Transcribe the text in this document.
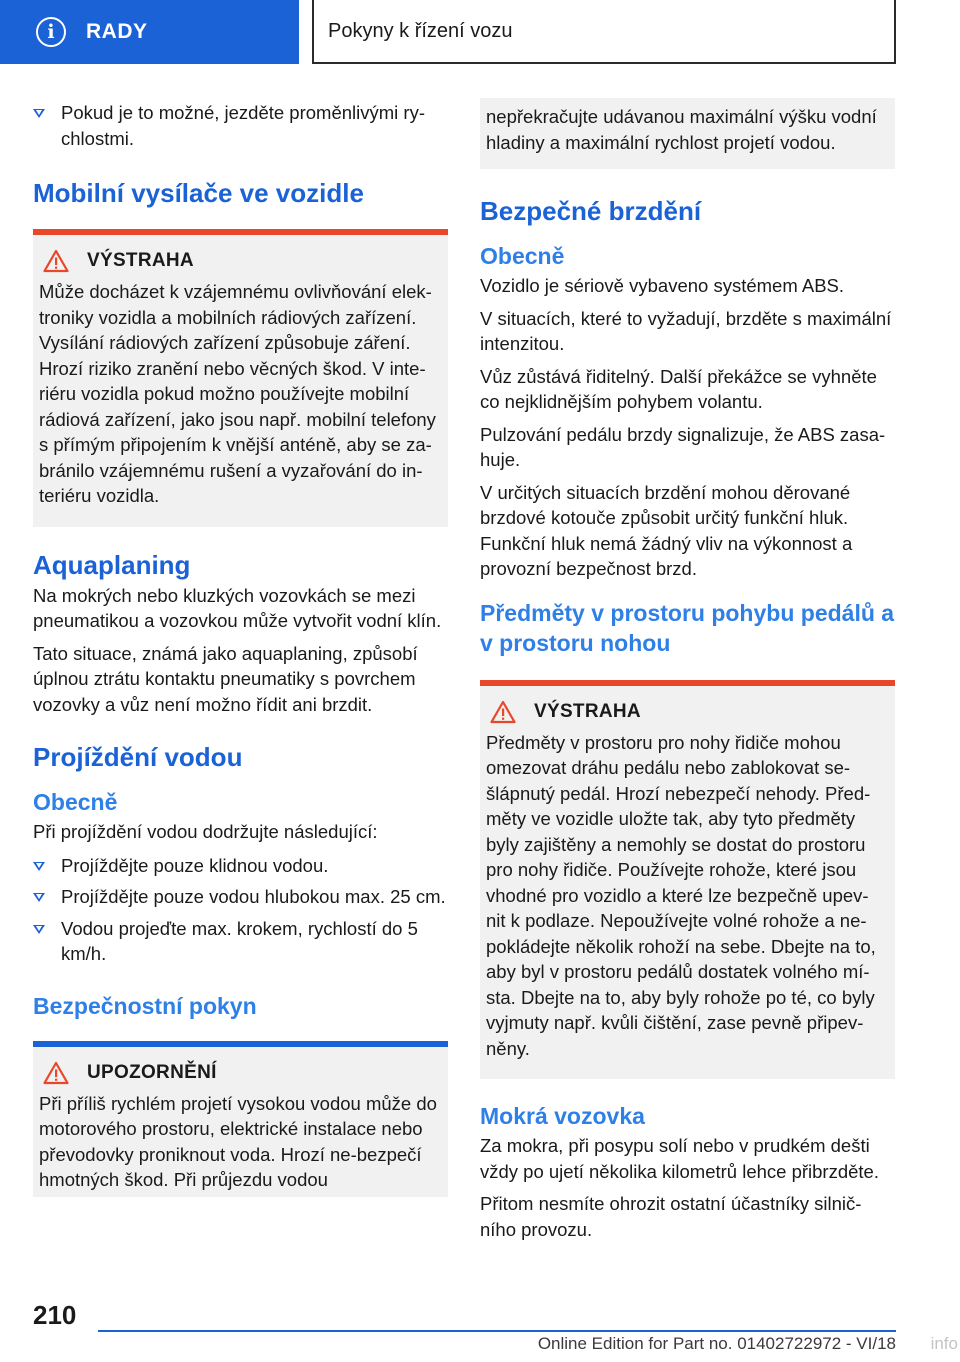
i	RADY	Pokyny k řízení vozu
Pokud je to možné, jezděte proměnlivými ry-chlostmi.
Mobilní vysílače ve vozidle
VÝSTRAHA

Může docházet k vzájemnému ovlivňování elek-troniky vozidla a mobilních rádiových zařízení. Vysílání rádiových zařízení způsobuje záření. Hrozí riziko zranění nebo věcných škod. V inte-riéru vozidla pokud možno používejte mobilní rádiová zařízení, jako jsou např. mobilní telefony s přímým připojením k vnější anténě, aby se za-bránilo vzájemnému rušení a vyzařování do in-teriéru vozidla.

Aquaplaning

Na mokrých nebo kluzkých vozovkách se mezi pneumatikou a vozovkou může vytvořit vodní klín.

Tato situace, známá jako aquaplaning, způsobí úplnou ztrátu kontaktu pneumatiky s povrchem vozovky a vůz není možno řídit ani brzdit.

Projíždění vodou
Obecně

Při projíždění vodou dodržujte následující:

Projíždějte pouze klidnou vodou.
Projíždějte pouze vodou hlubokou max. 25 cm.
Vodou projeďte max. krokem, rychlostí do 5 km/h.
Bezpečnostní pokyn
UPOZORNĚNÍ

Při příliš rychlém projetí vysokou vodou může do motorového prostoru, elektrické instalace nebo převodovky proniknout voda. Hrozí ne-bezpečí hmotných škod. Při průjezdu vodou

nepřekračujte udávanou maximální výšku vodní hladiny a maximální rychlost projetí vodou.

Bezpečné brzdění
Obecně

Vozidlo je sériově vybaveno systémem ABS.

V situacích, které to vyžadují, brzděte s maximální intenzitou.

Vůz zůstává řiditelný. Další překážce se vyhněte co nejklidnějším pohybem volantu.

Pulzování pedálu brzdy signalizuje, že ABS zasa-huje.

V určitých situacích brzdění mohou děrované brzdové kotouče způsobit určitý funkční hluk. Funkční hluk nemá žádný vliv na výkonnost a provozní bezpečnost brzd.

Předměty v prostoru pohybu pedálů a v prostoru nohou
VÝSTRAHA

Předměty v prostoru pro nohy řidiče mohou omezovat dráhu pedálu nebo zablokovat se-šlápnutý pedál. Hrozí nebezpečí nehody. Před-měty ve vozidle uložte tak, aby tyto předměty byly zajištěny a nemohly se dostat do prostoru pro nohy řidiče. Používejte rohože, které jsou vhodné pro vozidlo a které lze bezpečně upev-nit k podlaze. Nepoužívejte volné rohože a ne-pokládejte několik rohoží na sebe. Dbejte na to, aby byl v prostoru pedálů dostatek volného mí-sta. Dbejte na to, aby byly rohože po té, co byly vyjmuty např. kvůli čištění, zase pevně připev-něny.

Mokrá vozovka

Za mokra, při posypu solí nebo v prudkém dešti vždy po ujetí několika kilometrů lehce přibrzděte.

Přitom nesmíte ohrozit ostatní účastníky silnič-ního provozu.

210
Online Edition for Part no. 01402722972 - VI/18 info
